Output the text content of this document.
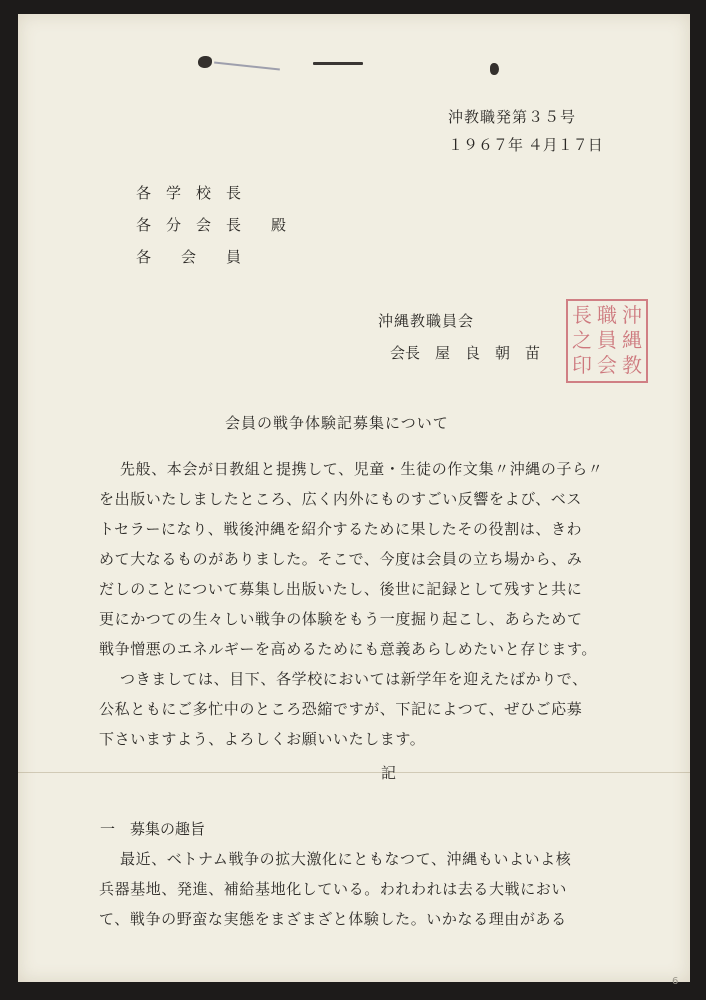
沖教職発第３５号
１９６７年 ４月１７日
各　学　校　長
各　分　会　長　　殿
各　　会　　員
沖縄教職員会
会長　屋　良　朝　苗
沖
縄
教
職
員
会
長
之
印
会員の戦争体験記募集について
先般、本会が日教組と提携して、児童・生徒の作文集〃沖縄の子ら〃
を出版いたしましたところ、広く内外にものすごい反響をよび、ベス
トセラーになり、戦後沖縄を紹介するために果したその役割は、きわ
めて大なるものがありました。そこで、今度は会員の立ち場から、み
だしのことについて募集し出版いたし、後世に記録として残すと共に
更にかつての生々しい戦争の体験をもう一度掘り起こし、あらためて
戦争憎悪のエネルギーを高めるためにも意義あらしめたいと存じます。
つきましては、目下、各学校においては新学年を迎えたばかりで、
公私ともにご多忙中のところ恐縮ですが、下記によつて、ぜひご応募
下さいますよう、よろしくお願いいたします。
記
一　募集の趣旨
最近、ベトナム戦争の拡大激化にともなつて、沖縄もいよいよ核
兵器基地、発進、補給基地化している。われわれは去る大戦におい
て、戦争の野蛮な実態をまざまざと体験した。いかなる理由がある
6
